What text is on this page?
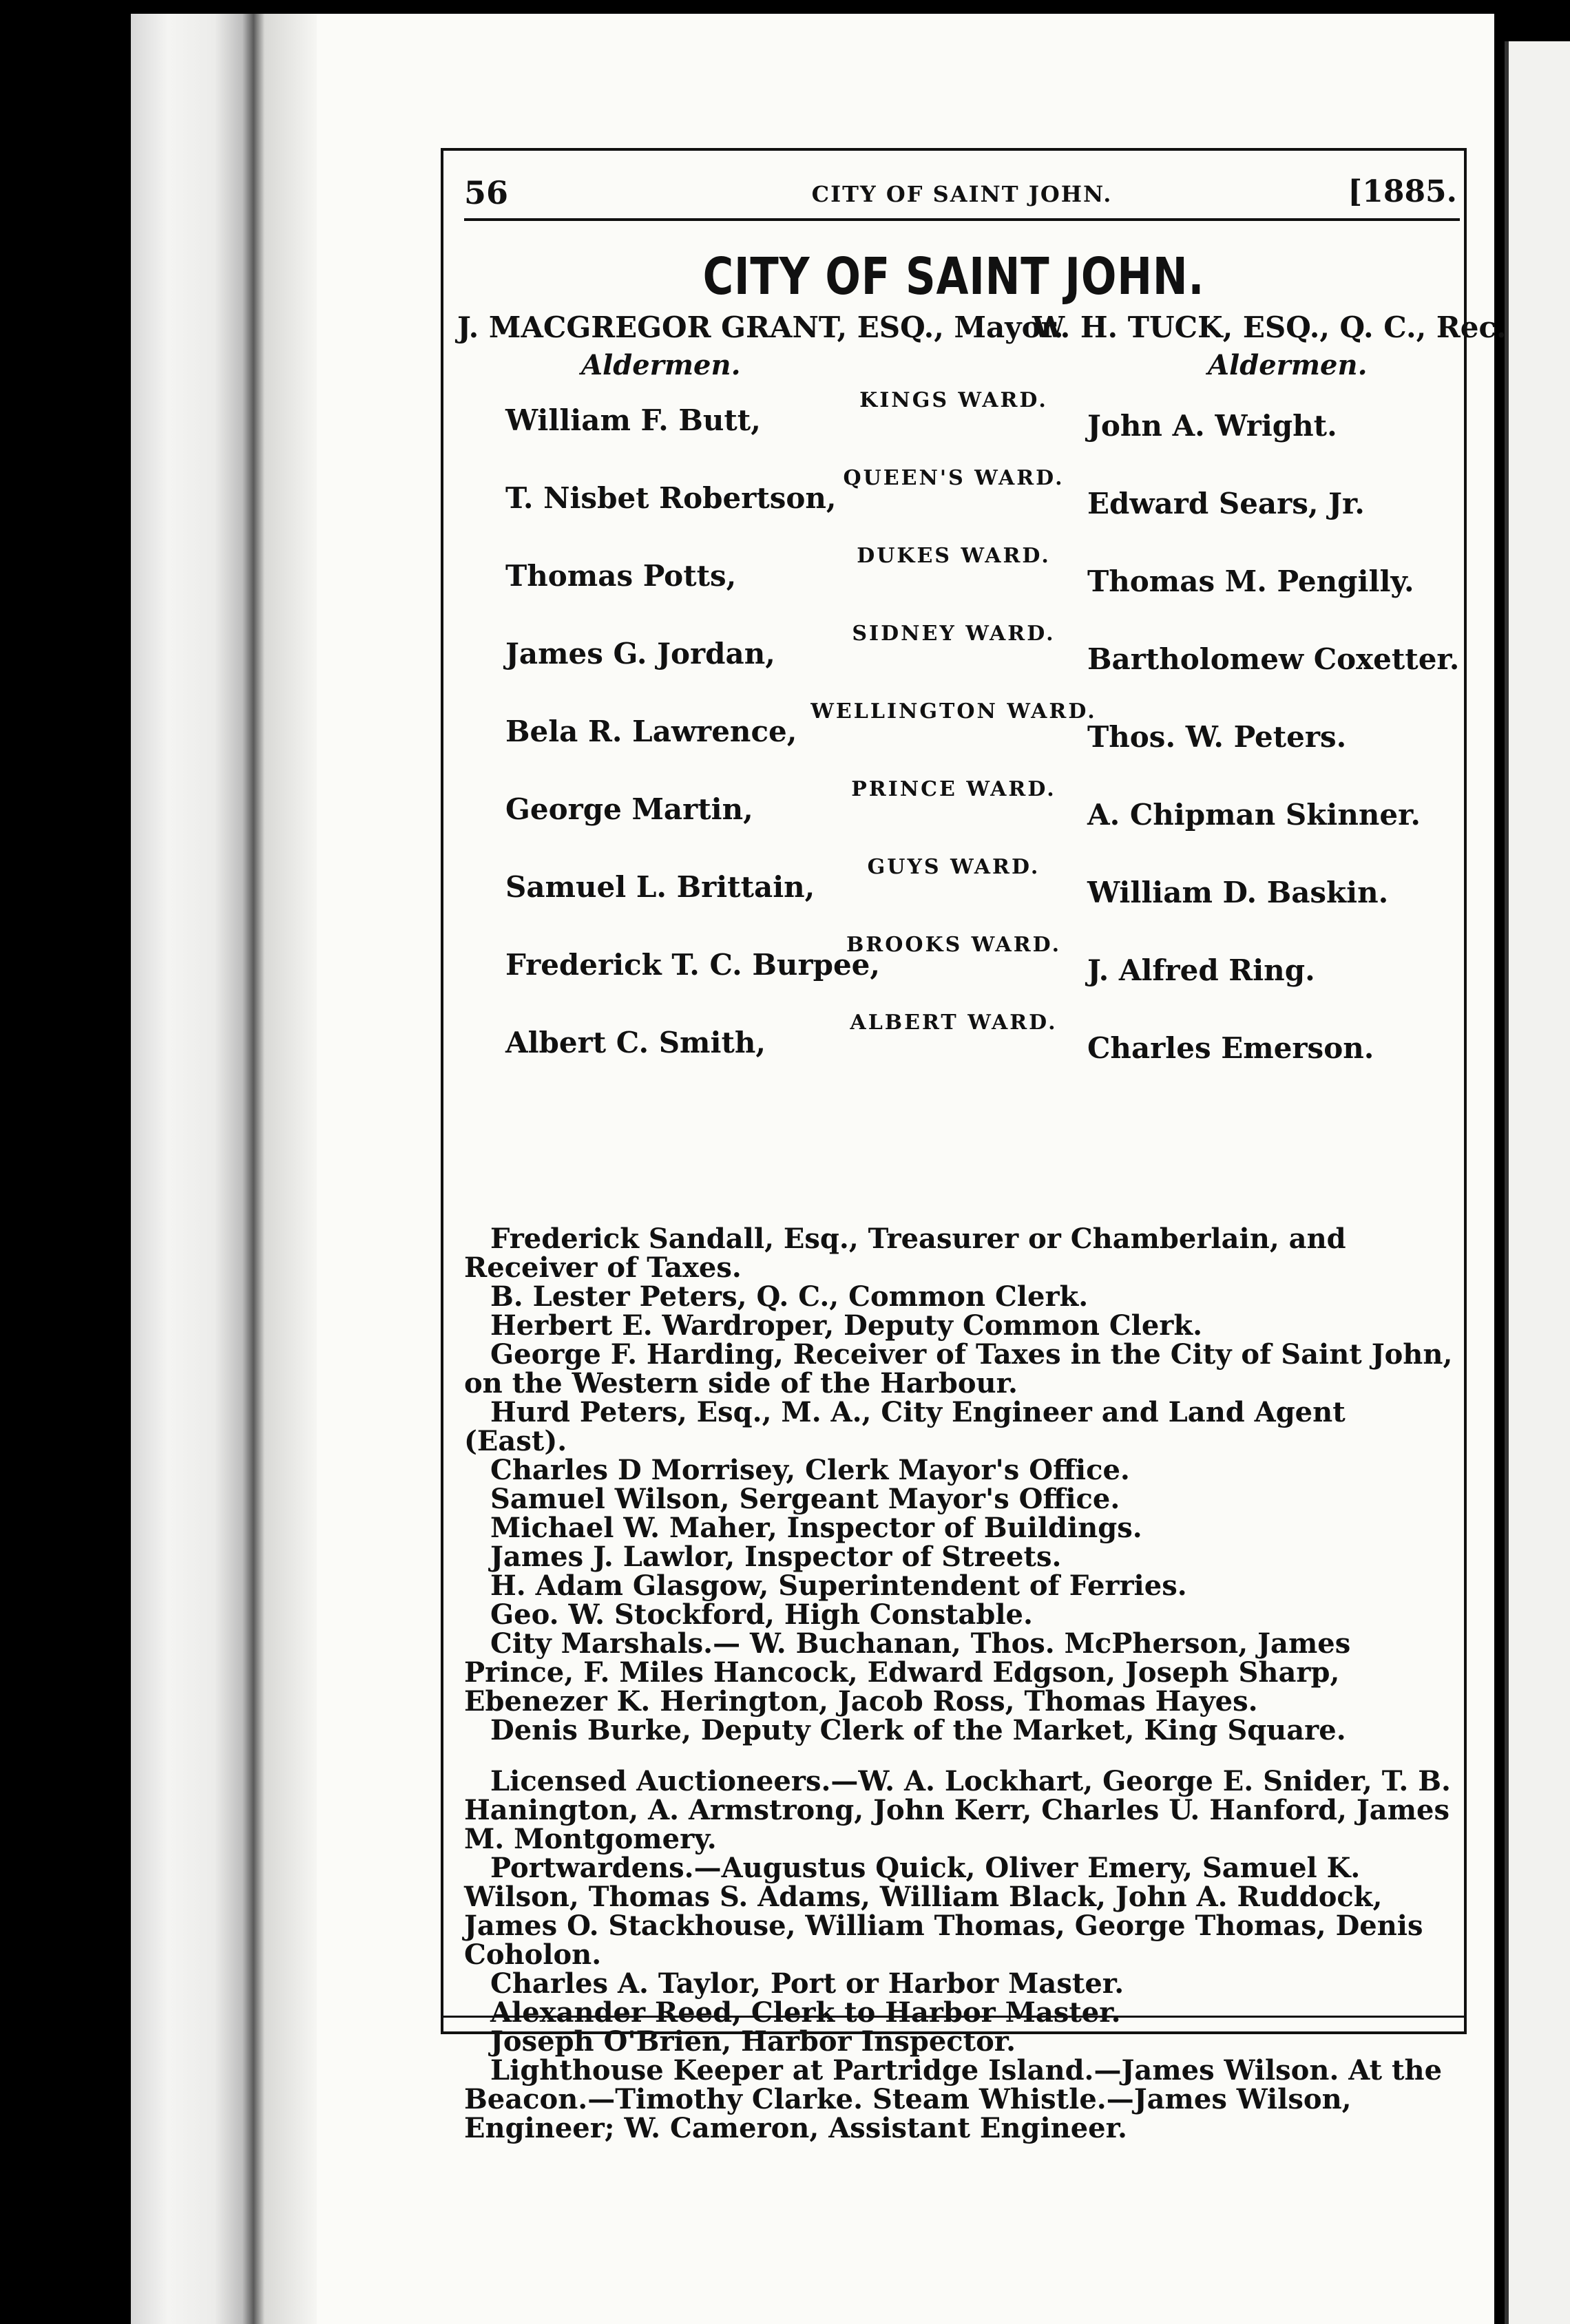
56	CITY OF SAINT JOHN.	[1885.
CITY OF SAINT JOHN.
J. MACGREGOR GRANT, ESQ., Mayor.
W. H. TUCK, ESQ., Q. C., Rec.
Aldermen.	Aldermen.
KINGS WARD.
William F. Butt,	John A. Wright.
QUEEN'S WARD.
T. Nisbet Robertson,	Edward Sears, Jr.
DUKES WARD.
Thomas Potts,	Thomas M. Pengilly.
SIDNEY WARD.
James G. Jordan,	Bartholomew Coxetter.
WELLINGTON WARD.
Bela R. Lawrence,	Thos. W. Peters.
PRINCE WARD.
George Martin,	A. Chipman Skinner.
GUYS WARD.
Samuel L. Brittain,	William D. Baskin.
BROOKS WARD.
Frederick T. C. Burpee,	J. Alfred Ring.
ALBERT WARD.
Albert C. Smith,	Charles Emerson.

Frederick Sandall, Esq., Treasurer or Chamberlain, and Receiver of Taxes.

B. Lester Peters, Q. C., Common Clerk.

Herbert E. Wardroper, Deputy Common Clerk.

George F. Harding, Receiver of Taxes in the City of Saint John, on the Western side of the Harbour.

Hurd Peters, Esq., M. A., City Engineer and Land Agent (East).

Charles D Morrisey, Clerk Mayor's Office.

Samuel Wilson, Sergeant Mayor's Office.

Michael W. Maher, Inspector of Buildings.

James J. Lawlor, Inspector of Streets.

H. Adam Glasgow, Superintendent of Ferries.

Geo. W. Stockford, High Constable.

City Marshals.— W. Buchanan, Thos. McPherson, James Prince, F. Miles Hancock, Edward Edgson, Joseph Sharp, Ebenezer K. Herington, Jacob Ross, Thomas Hayes.

Denis Burke, Deputy Clerk of the Market, King Square.

Licensed Auctioneers.—W. A. Lockhart, George E. Snider, T. B. Hanington, A. Armstrong, John Kerr, Charles U. Hanford, James M. Montgomery.

Portwardens.—Augustus Quick, Oliver Emery, Samuel K. Wilson, Thomas S. Adams, William Black, John A. Ruddock, James O. Stackhouse, William Thomas, George Thomas, Denis Coholon.

Charles A. Taylor, Port or Harbor Master.

Alexander Reed, Clerk to Harbor Master.

Joseph O'Brien, Harbor Inspector.

Lighthouse Keeper at Partridge Island.—James Wilson. At the Beacon.—Timothy Clarke. Steam Whistle.—James Wilson, Engineer; W. Cameron, Assistant Engineer.
